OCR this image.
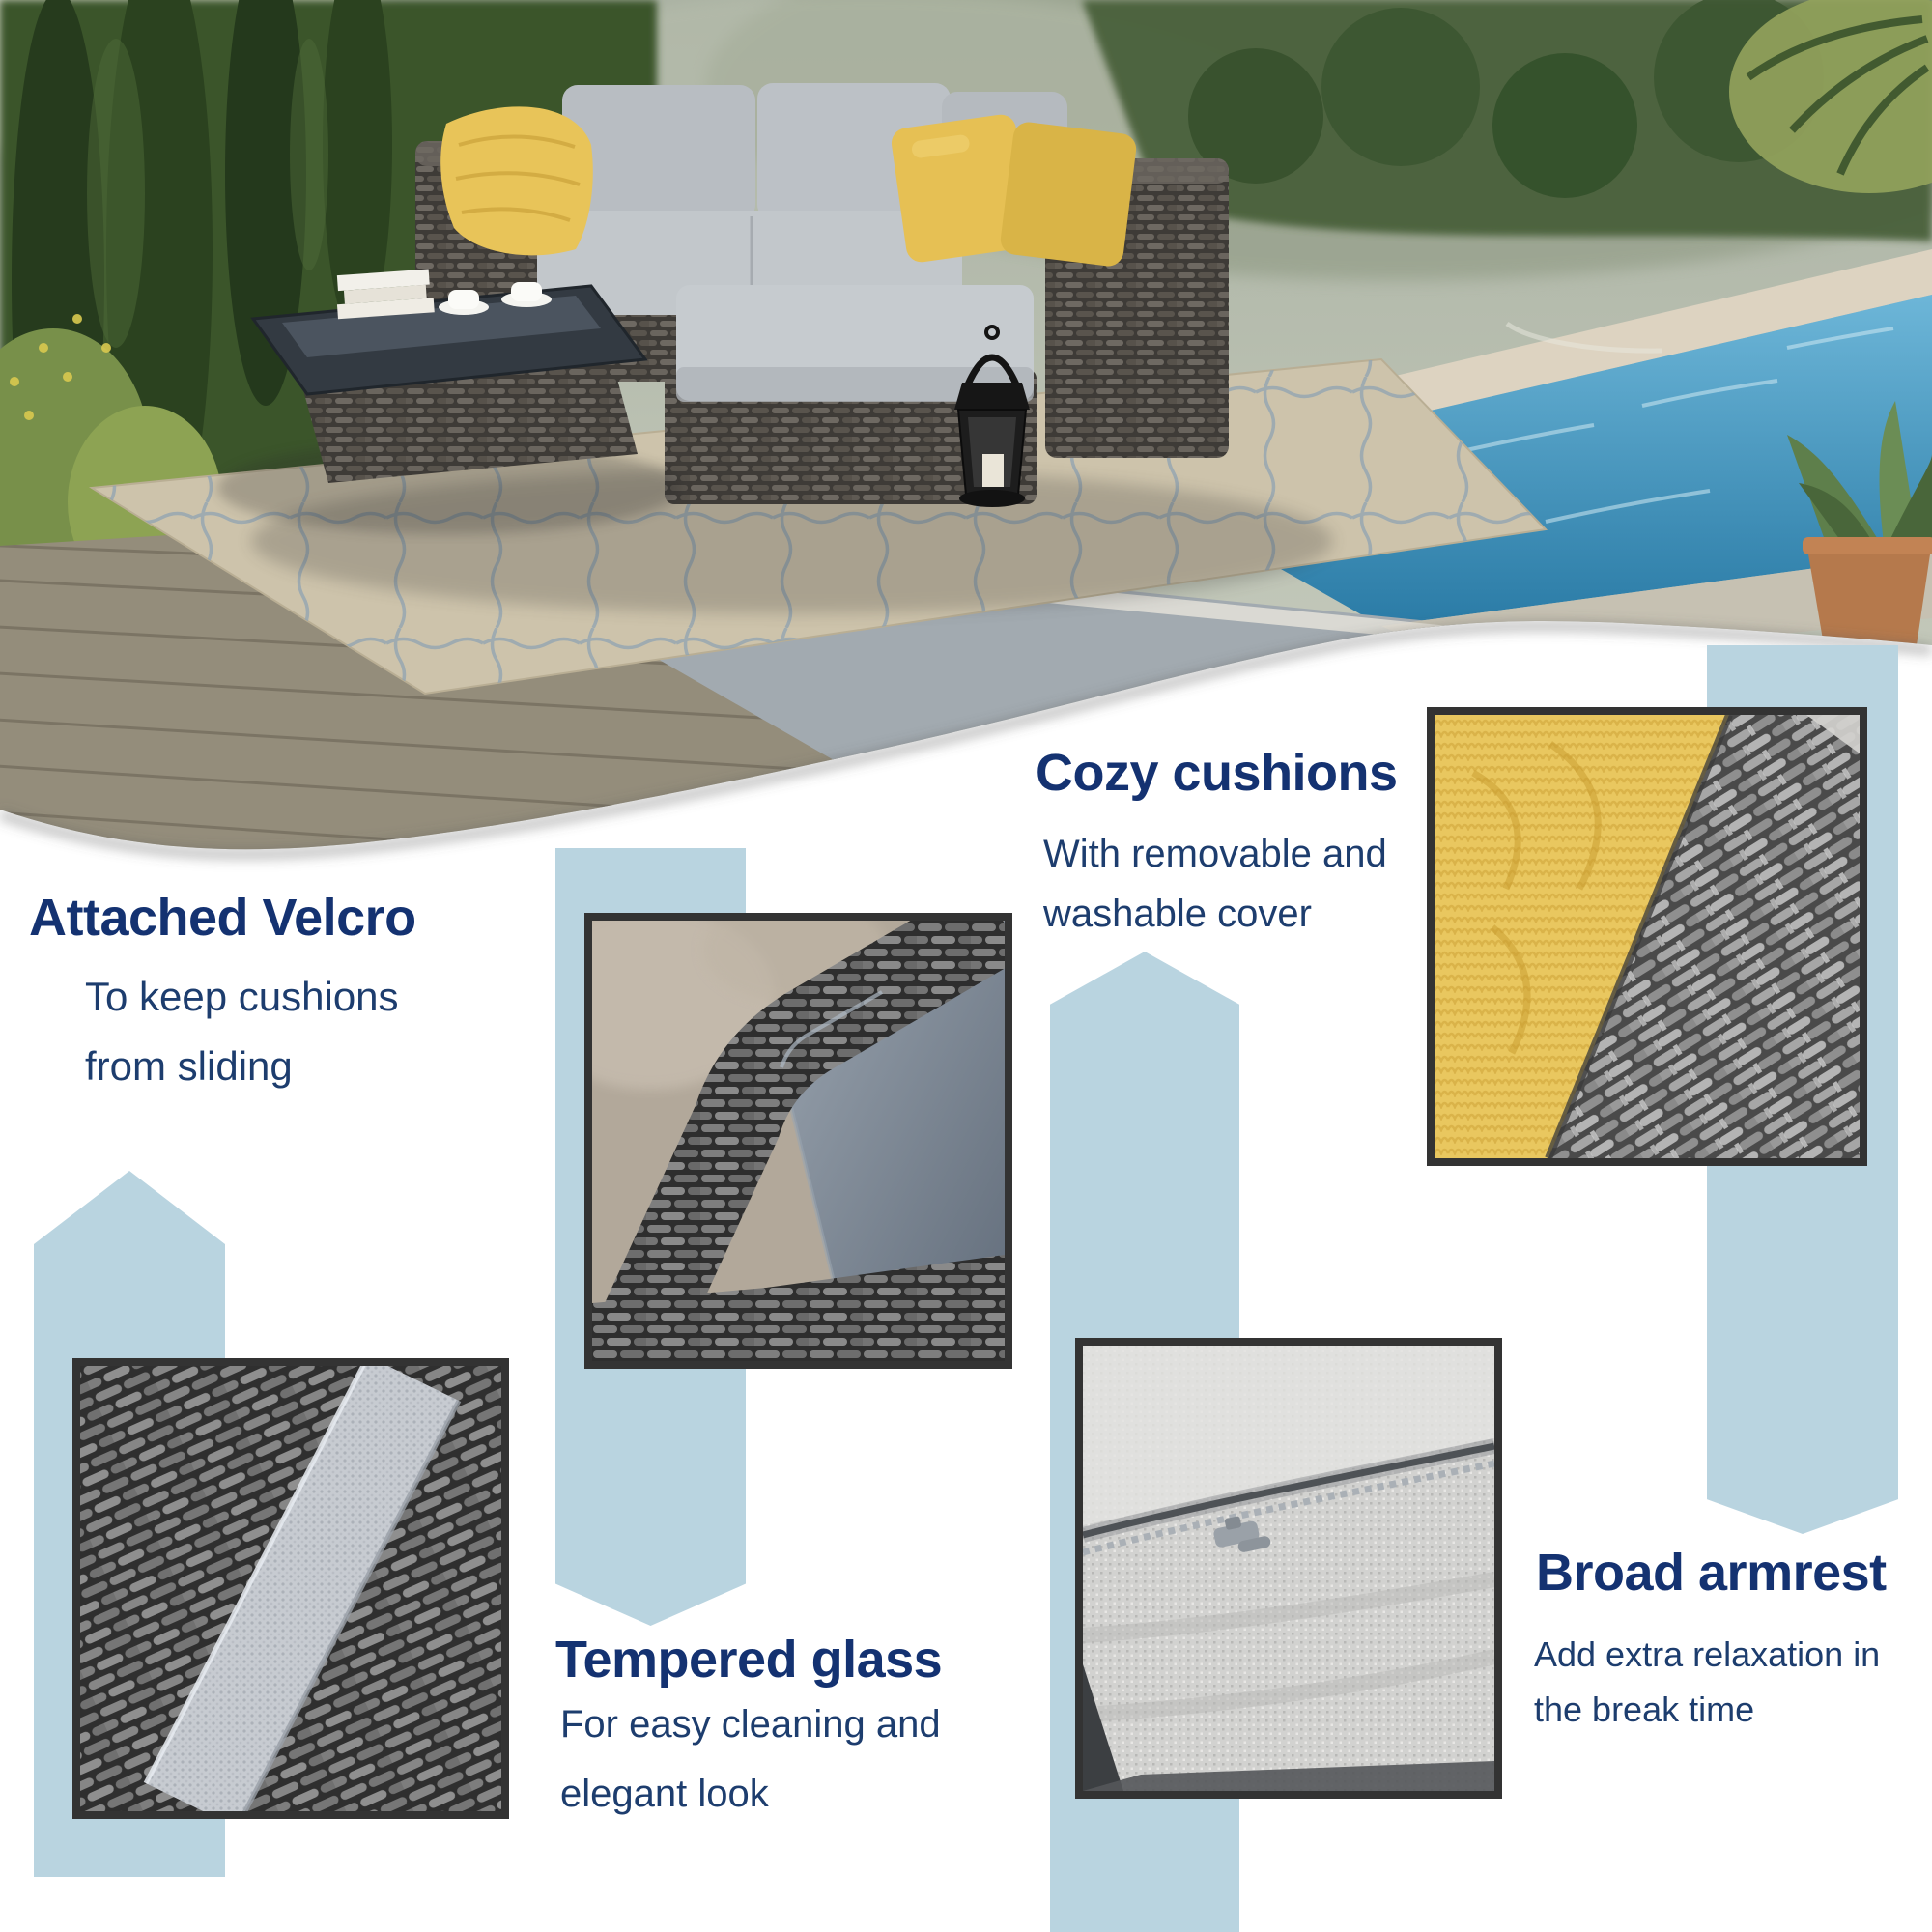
Attached Velcro
To keep cushions
from sliding
Cozy cushions
With removable and
washable cover
Tempered glass
For easy cleaning and
elegant look
Broad armrest
Add extra relaxation in
the break time
